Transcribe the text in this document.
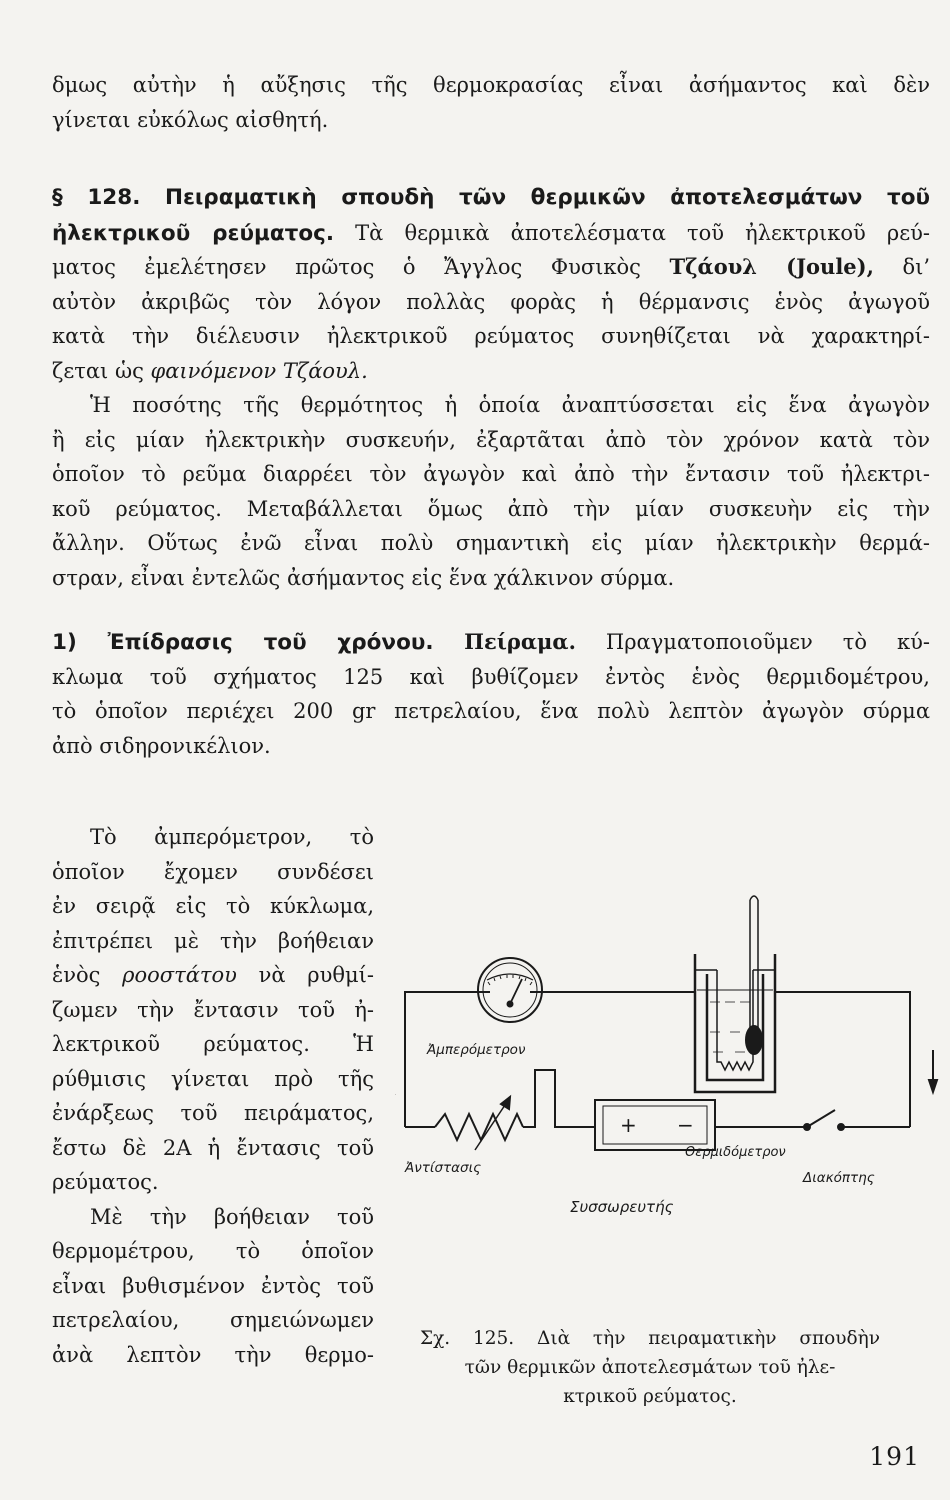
δμως αὐτὴν ἡ αὔξησις τῆς θερμοκρασίας εἶναι ἀσήμαντος καὶ δὲν

γίνεται εὐκόλως αἰσθητή.

§ 128. Πειραματικὴ σπουδὴ τῶν θερμικῶν ἀποτελεσμάτων τοῦ

ἠλεκτρικοῦ ρεύματος. Τὰ θερμικὰ ἀποτελέσματα τοῦ ἠλεκτρικοῦ ρεύ-

ματος ἐμελέτησεν πρῶτος ὁ Ἄγγλος Φυσικὸς Τζάουλ (Joule), δι’

αὐτὸν ἀκριβῶς τὸν λόγον πολλὰς φορὰς ἡ θέρμανσις ἑνὸς ἀγωγοῦ

κατὰ τὴν διέλευσιν ἠλεκτρικοῦ ρεύματος συνηθίζεται νὰ χαρακτηρί-

ζεται ὡς φαινόμενον Τζάουλ.

Ἡ ποσότης τῆς θερμότητος ἡ ὁποία ἀναπτύσσεται εἰς ἕνα ἀγωγὸν

ἢ εἰς μίαν ἠλεκτρικὴν συσκευήν, ἐξαρτᾶται ἀπὸ τὸν χρόνον κατὰ τὸν

ὁποῖον τὸ ρεῦμα διαρρέει τὸν ἀγωγὸν καὶ ἀπὸ τὴν ἔντασιν τοῦ ἠλεκτρι-

κοῦ ρεύματος. Μεταβάλλεται ὅμως ἀπὸ τὴν μίαν συσκευὴν εἰς τὴν

ἄλλην. Οὕτως ἐνῶ εἶναι πολὺ σημαντικὴ εἰς μίαν ἠλεκτρικὴν θερμά-

στραν, εἶναι ἐντελῶς ἀσήμαντος εἰς ἕνα χάλκινον σύρμα.

1) Ἐπίδρασις τοῦ χρόνου. Πείραμα. Πραγματοποιοῦμεν τὸ κύ-

κλωμα τοῦ σχήματος 125 καὶ βυθίζομεν ἐντὸς ἑνὸς θερμιδομέτρου,

τὸ ὁποῖον περιέχει 200 gr πετρελαίου, ἕνα πολὺ λεπτὸν ἀγωγὸν σύρμα

ἀπὸ σιδηρονικέλιον.

Τὸ ἀμπερόμετρον, τὸ

ὁποῖον ἔχομεν συνδέσει

ἐν σειρᾷ εἰς τὸ κύκλωμα,

ἐπιτρέπει μὲ τὴν βοήθειαν

ἑνὸς ροοστάτου νὰ ρυθμί-

ζωμεν τὴν ἔντασιν τοῦ ἠ-

λεκτρικοῦ ρεύματος. Ἡ

ρύθμισις γίνεται πρὸ τῆς

ἐνάρξεως τοῦ πειράματος,

ἔστω δὲ 2Α ἡ ἔντασις τοῦ

ρεύματος.

Μὲ τὴν βοήθειαν τοῦ

θερμομέτρου, τὸ ὁποῖον

εἶναι βυθισμένον ἐντὸς τοῦ

πετρελαίου, σημειώνωμεν

ἀνὰ λεπτὸν τὴν θερμο-

+ −
Ἀμπερόμετρον
Θερμιδόμετρον
Ἀντίστασις
Συσσωρευτής
Διακόπτης
Σχ. 125. Διὰ τὴν πειραματικὴν σπουδὴν
τῶν θερμικῶν ἀποτελεσμάτων τοῦ ἠλε-
κτρικοῦ ρεύματος.
191
